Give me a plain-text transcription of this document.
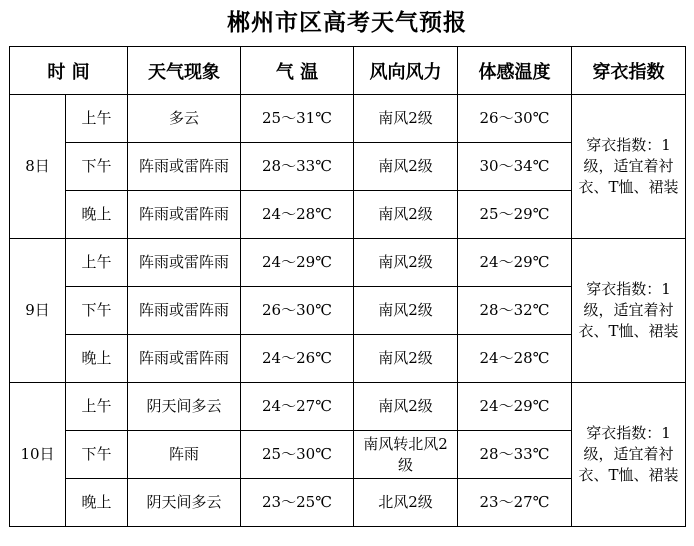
郴州市区高考天气预报
时 间		天气现象	气 温	风向风力	体感温度	穿衣指数
8日	上午	多云	25～31℃	南风2级	26～30℃	穿衣指数：1级，适宜着衬衣、T恤、裙装
	下午	阵雨或雷阵雨	28～33℃	南风2级	30～34℃	
	晚上	阵雨或雷阵雨	24～28℃	南风2级	25～29℃	
9日	上午	阵雨或雷阵雨	24～29℃	南风2级	24～29℃	穿衣指数：1级，适宜着衬衣、T恤、裙装
	下午	阵雨或雷阵雨	26～30℃	南风2级	28～32℃	
	晚上	阵雨或雷阵雨	24～26℃	南风2级	24～28℃	
10日	上午	阴天间多云	24～27℃	南风2级	24～29℃	穿衣指数：1级，适宜着衬衣、T恤、裙装
	下午	阵雨	25～30℃	南风转北风2级	28～33℃	
	晚上	阴天间多云	23～25℃	北风2级	23～27℃	
